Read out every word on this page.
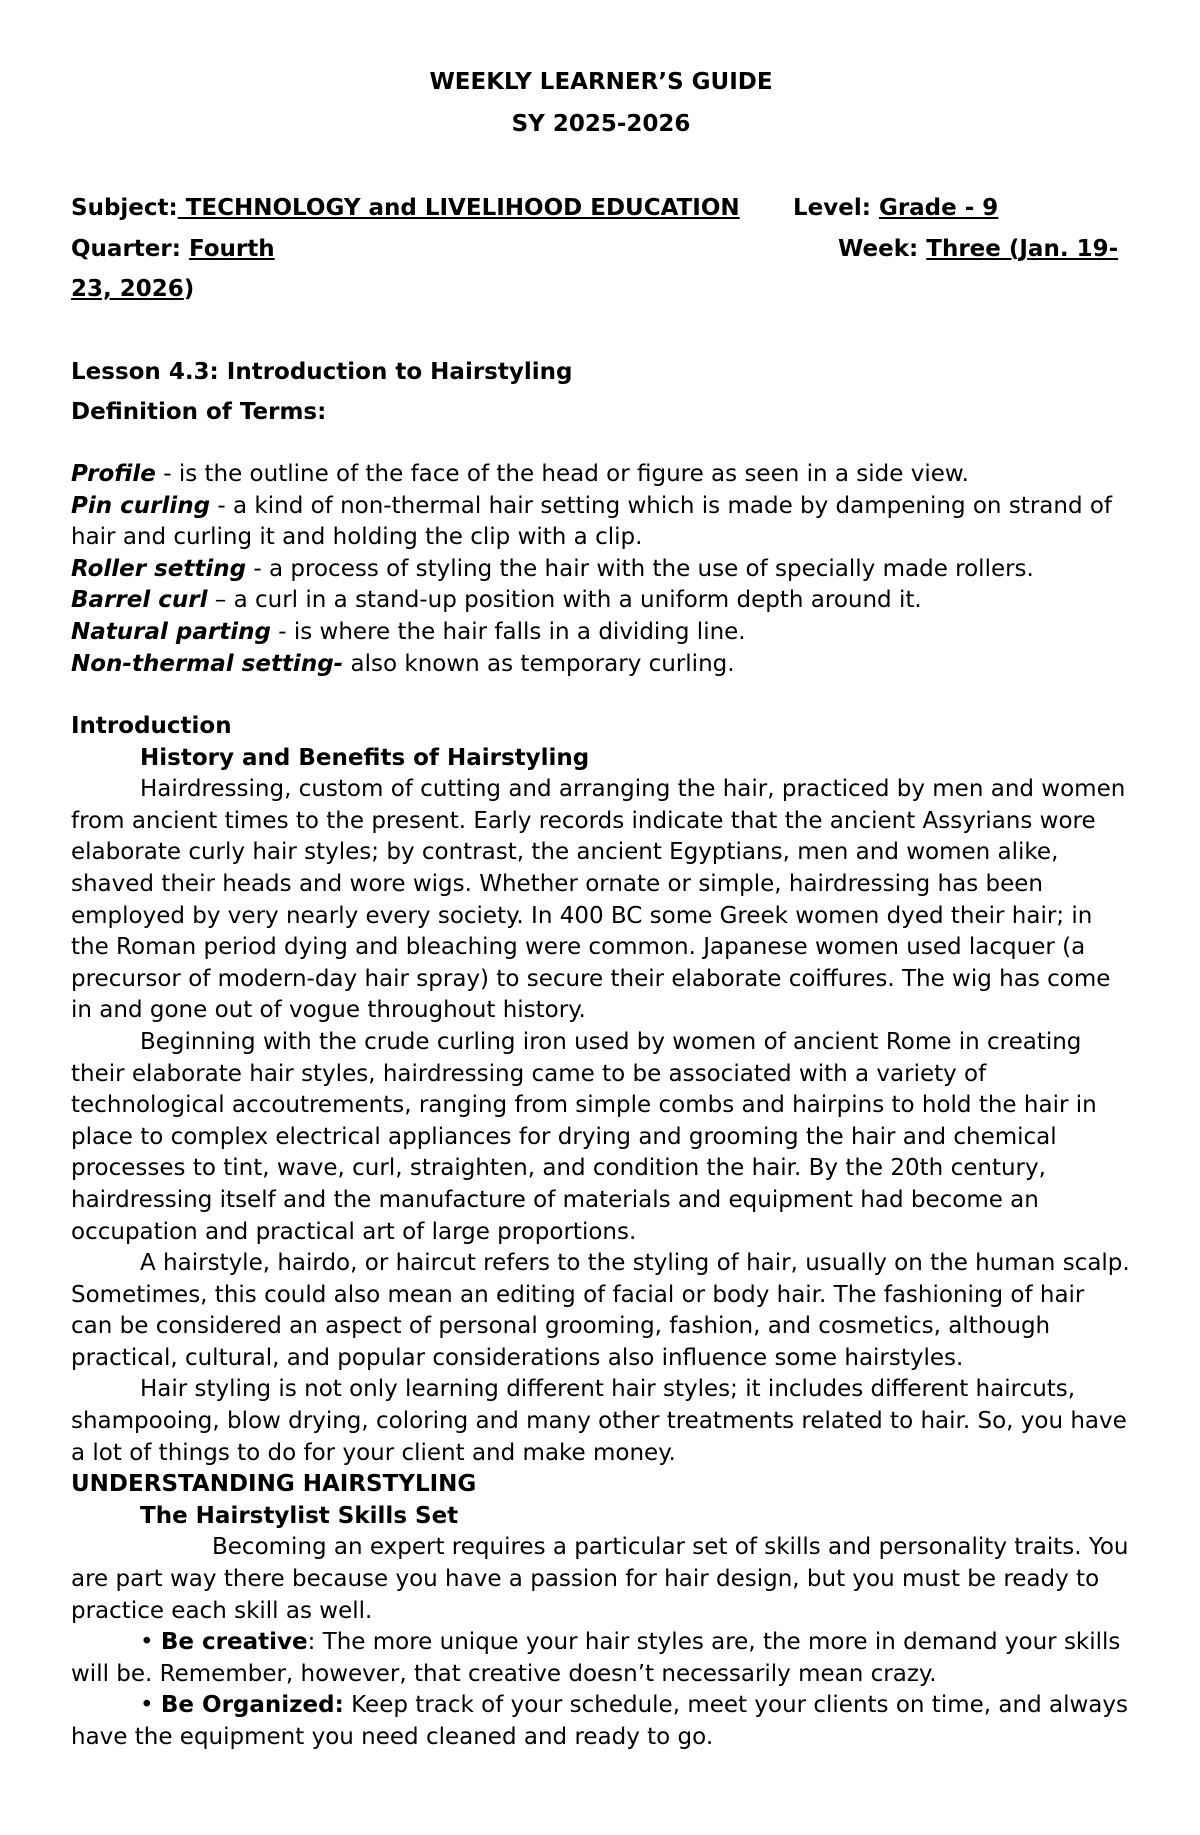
WEEKLY LEARNER’S GUIDE
SY 2025-2026
Subject: TECHNOLOGY and LIVELIHOOD EDUCATION Level: Grade - 9
Quarter: Fourth	Week: Three (Jan. 19-
23, 2026)
Lesson 4.3: Introduction to Hairstyling
Definition of Terms:

Profile - is the outline of the face of the head or figure as seen in a side view.

Pin curling - a kind of non-thermal hair setting which is made by dampening on strand of hair and curling it and holding the clip with a clip.

Roller setting - a process of styling the hair with the use of specially made rollers.

Barrel curl – a curl in a stand-up position with a uniform depth around it.

Natural parting - is where the hair falls in a dividing line.

Non-thermal setting- also known as temporary curling.

Introduction

History and Benefits of Hairstyling

Hairdressing, custom of cutting and arranging the hair, practiced by men and women from ancient times to the present. Early records indicate that the ancient Assyrians wore elaborate curly hair styles; by contrast, the ancient Egyptians, men and women alike, shaved their heads and wore wigs. Whether ornate or simple, hairdressing has been employed by very nearly every society. In 400 BC some Greek women dyed their hair; in the Roman period dying and bleaching were common. Japanese women used lacquer (a precursor of modern-day hair spray) to secure their elaborate coiffures. The wig has come in and gone out of vogue throughout history.

Beginning with the crude curling iron used by women of ancient Rome in creating their elaborate hair styles, hairdressing came to be associated with a variety of technological accoutrements, ranging from simple combs and hairpins to hold the hair in place to complex electrical appliances for drying and grooming the hair and chemical processes to tint, wave, curl, straighten, and condition the hair. By the 20th century, hairdressing itself and the manufacture of materials and equipment had become an occupation and practical art of large proportions.

A hairstyle, hairdo, or haircut refers to the styling of hair, usually on the human scalp. Sometimes, this could also mean an editing of facial or body hair. The fashioning of hair can be considered an aspect of personal grooming, fashion, and cosmetics, although practical, cultural, and popular considerations also influence some hairstyles.

Hair styling is not only learning different hair styles; it includes different haircuts, shampooing, blow drying, coloring and many other treatments related to hair. So, you have a lot of things to do for your client and make money.

UNDERSTANDING HAIRSTYLING

The Hairstylist Skills Set

Becoming an expert requires a particular set of skills and personality traits. You are part way there because you have a passion for hair design, but you must be ready to practice each skill as well.

• Be creative: The more unique your hair styles are, the more in demand your skills will be. Remember, however, that creative doesn’t necessarily mean crazy.

• Be Organized: Keep track of your schedule, meet your clients on time, and always have the equipment you need cleaned and ready to go.
